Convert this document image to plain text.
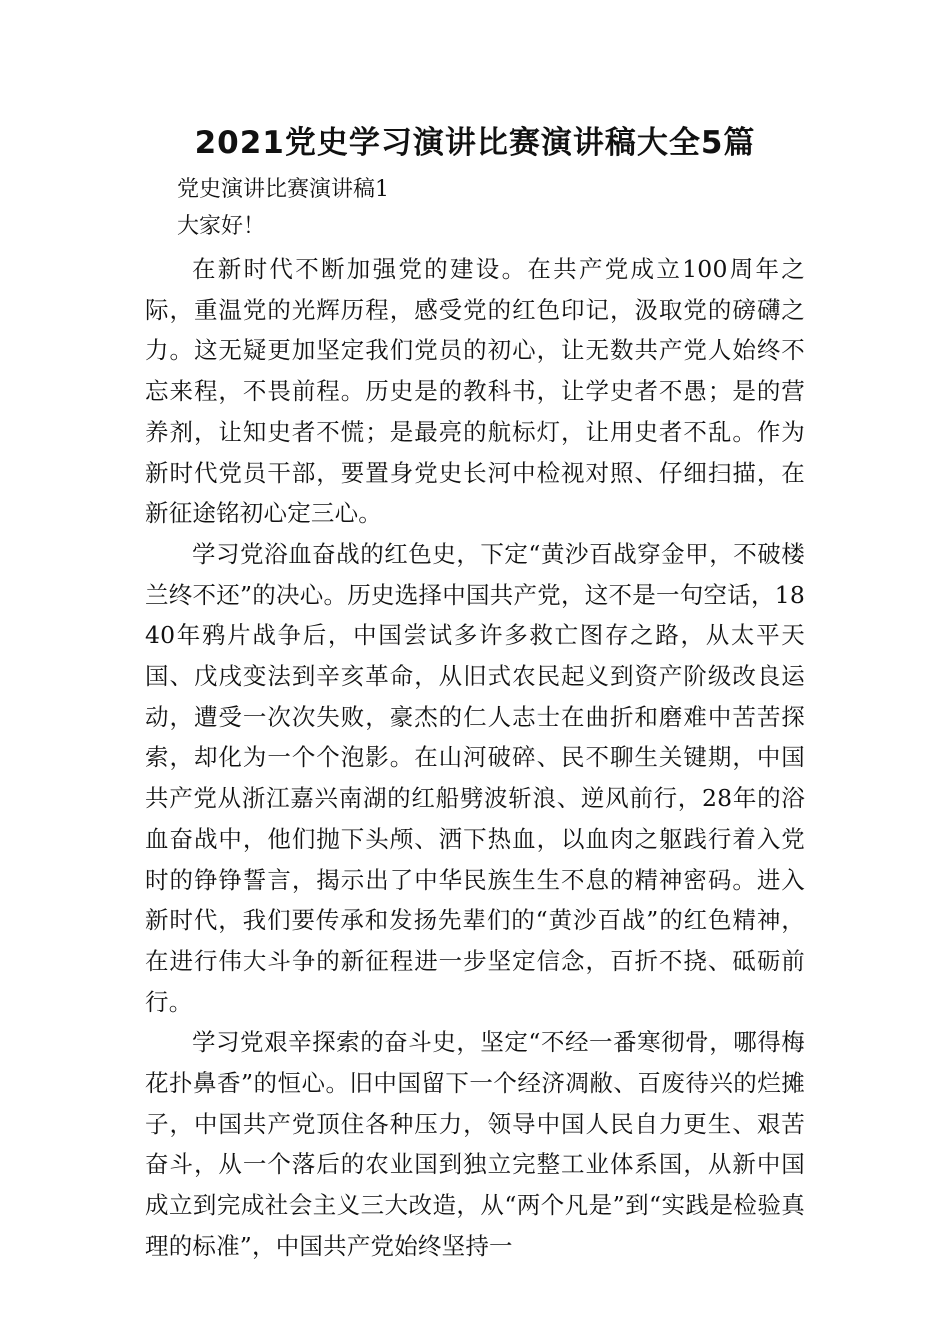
2021党史学习演讲比赛演讲稿大全5篇

党史演讲比赛演讲稿1

大家好！

在新时代不断加强党的建设。在共产党成立100周年之际，重温党的光辉历程，感受党的红色印记，汲取党的磅礴之力。这无疑更加坚定我们党员的初心，让无数共产党人始终不忘来程，不畏前程。历史是的教科书，让学史者不愚；是的营养剂，让知史者不慌；是最亮的航标灯，让用史者不乱。作为新时代党员干部，要置身党史长河中检视对照、仔细扫描，在新征途铭初心定三心。

学习党浴血奋战的红色史，下定“黄沙百战穿金甲，不破楼兰终不还”的决心。历史选择中国共产党，这不是一句空话，1840年鸦片战争后，中国尝试多许多救亡图存之路，从太平天国、戊戌变法到辛亥革命，从旧式农民起义到资产阶级改良运动，遭受一次次失败，豪杰的仁人志士在曲折和磨难中苦苦探索，却化为一个个泡影。在山河破碎、民不聊生关键期，中国共产党从浙江嘉兴南湖的红船劈波斩浪、逆风前行，28年的浴血奋战中，他们抛下头颅、洒下热血，以血肉之躯践行着入党时的铮铮誓言，揭示出了中华民族生生不息的精神密码。进入新时代，我们要传承和发扬先辈们的“黄沙百战”的红色精神，在进行伟大斗争的新征程进一步坚定信念，百折不挠、砥砺前行。

学习党艰辛探索的奋斗史，坚定“不经一番寒彻骨，哪得梅花扑鼻香”的恒心。旧中国留下一个经济凋敝、百废待兴的烂摊子，中国共产党顶住各种压力，领导中国人民自力更生、艰苦奋斗，从一个落后的农业国到独立完整工业体系国，从新中国成立到完成社会主义三大改造，从“两个凡是”到“实践是检验真理的标准”，中国共产党始终坚持一
